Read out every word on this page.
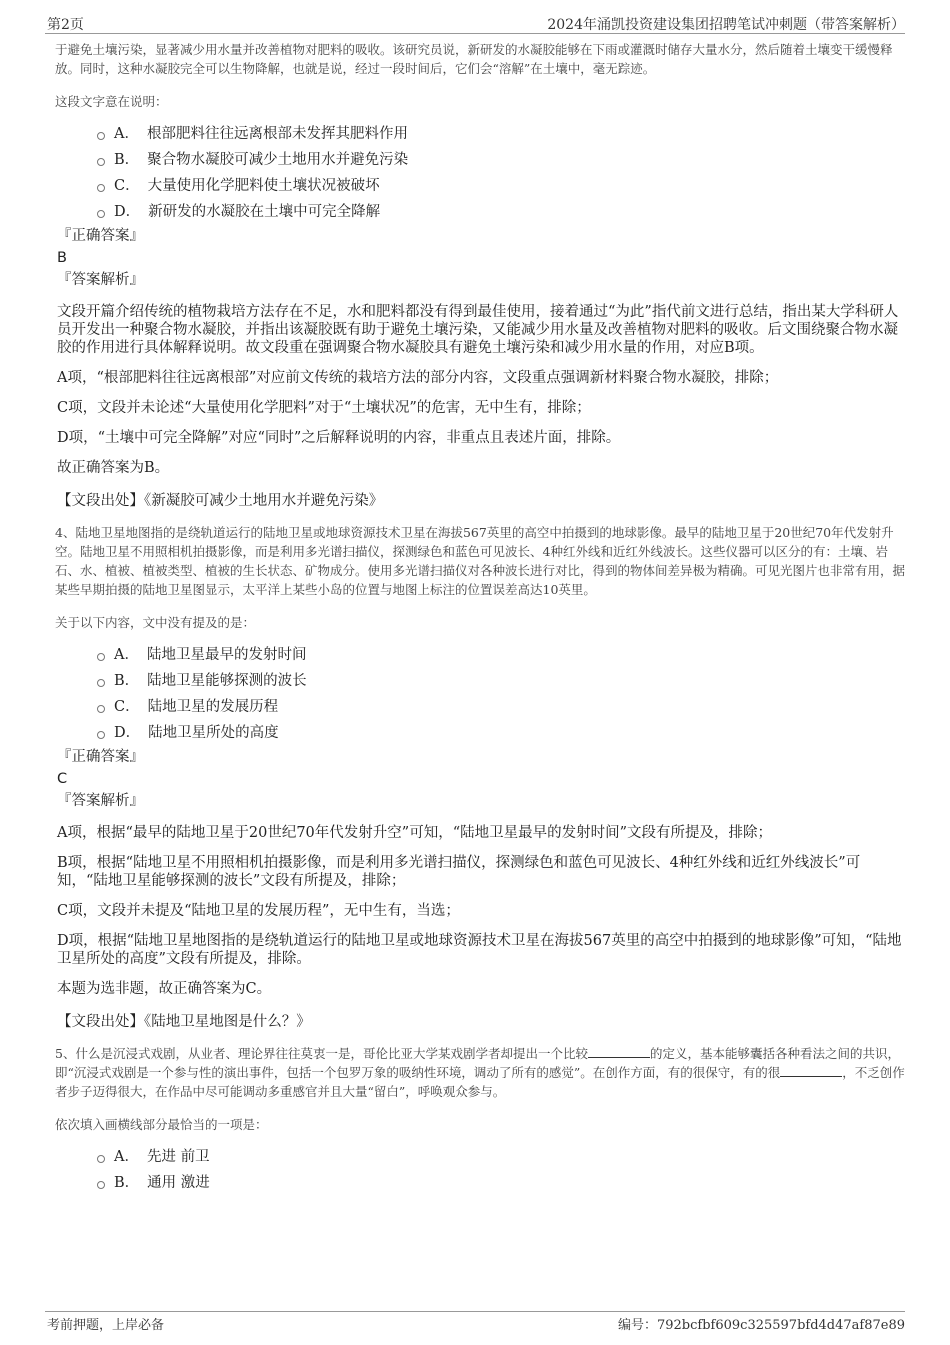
第2页	2024年涌凯投资建设集团招聘笔试冲刺题（带答案解析）

于避免土壤污染，显著减少用水量并改善植物对肥料的吸收。该研究员说，新研发的水凝胶能够在下雨或灌溉时储存大量水分，然后随着土壤变干缓慢释放。同时，这种水凝胶完全可以生物降解，也就是说，经过一段时间后，它们会“溶解”在土壤中，毫无踪迹。

这段文字意在说明：

A． 根部肥料往往远离根部未发挥其肥料作用
B． 聚合物水凝胶可减少土地用水并避免污染
C． 大量使用化学肥料使土壤状况被破坏
D． 新研发的水凝胶在土壤中可完全降解

『正确答案』

B

『答案解析』

文段开篇介绍传统的植物栽培方法存在不足，水和肥料都没有得到最佳使用，接着通过“为此”指代前文进行总结，指出某大学科研人员开发出一种聚合物水凝胶，并指出该凝胶既有助于避免土壤污染，又能减少用水量及改善植物对肥料的吸收。后文围绕聚合物水凝胶的作用进行具体解释说明。故文段重在强调聚合物水凝胶具有避免土壤污染和减少用水量的作用，对应B项。

A项，“根部肥料往往远离根部”对应前文传统的栽培方法的部分内容，文段重点强调新材料聚合物水凝胶，排除；

C项，文段并未论述“大量使用化学肥料”对于“土壤状况”的危害，无中生有，排除；

D项，“土壤中可完全降解”对应“同时”之后解释说明的内容，非重点且表述片面，排除。

故正确答案为B。

【文段出处】《新凝胶可减少土地用水并避免污染》

4、陆地卫星地图指的是绕轨道运行的陆地卫星或地球资源技术卫星在海拔567英里的高空中拍摄到的地球影像。最早的陆地卫星于20世纪70年代发射升空。陆地卫星不用照相机拍摄影像，而是利用多光谱扫描仪，探测绿色和蓝色可见波长、4种红外线和近红外线波长。这些仪器可以区分的有：土壤、岩石、水、植被、植被类型、植被的生长状态、矿物成分。使用多光谱扫描仪对各种波长进行对比，得到的物体间差异极为精确。可见光图片也非常有用，据某些早期拍摄的陆地卫星图显示，太平洋上某些小岛的位置与地图上标注的位置误差高达10英里。

关于以下内容，文中没有提及的是：

A． 陆地卫星最早的发射时间
B． 陆地卫星能够探测的波长
C． 陆地卫星的发展历程
D． 陆地卫星所处的高度

『正确答案』

C

『答案解析』

A项，根据“最早的陆地卫星于20世纪70年代发射升空”可知，“陆地卫星最早的发射时间”文段有所提及，排除；

B项，根据“陆地卫星不用照相机拍摄影像，而是利用多光谱扫描仪，探测绿色和蓝色可见波长、4种红外线和近红外线波长”可知，“陆地卫星能够探测的波长”文段有所提及，排除；

C项，文段并未提及“陆地卫星的发展历程”，无中生有，当选；

D项，根据“陆地卫星地图指的是绕轨道运行的陆地卫星或地球资源技术卫星在海拔567英里的高空中拍摄到的地球影像”可知，“陆地卫星所处的高度”文段有所提及，排除。

本题为选非题，故正确答案为C。

【文段出处】《陆地卫星地图是什么？》

5、什么是沉浸式戏剧，从业者、理论界往往莫衷一是，哥伦比亚大学某戏剧学者却提出一个比较	的定义，基本能够囊括各种看法之间的共识，即“沉浸式戏剧是一个参与性的演出事件，包括一个包罗万象的吸纳性环境，调动了所有的感觉”。在创作方面，有的很保守，有的很	，不乏创作者步子迈得很大，在作品中尽可能调动多重感官并且大量“留白”，呼唤观众参与。

依次填入画横线部分最恰当的一项是：

A． 先进 前卫
B． 通用 激进
考前押题，上岸必备	编号：792bcfbf609c325597bfd4d47af87e89
